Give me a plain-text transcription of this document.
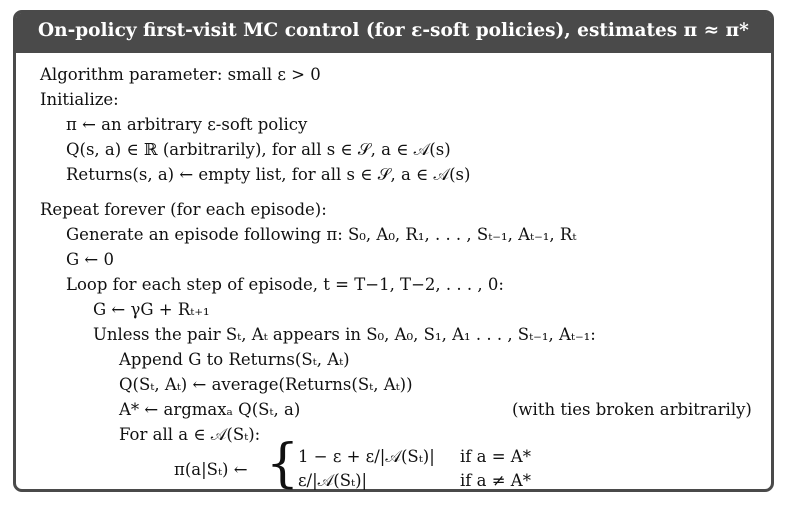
On-policy first-visit MC control (for ε-soft policies), estimates π ≈ π*
Algorithm parameter: small ε > 0
Initialize:
π ← an arbitrary ε-soft policy
Q(s, a) ∈ ℝ (arbitrarily), for all s ∈ 𝒮, a ∈ 𝒜(s)
Returns(s, a) ← empty list, for all s ∈ 𝒮, a ∈ 𝒜(s)
Repeat forever (for each episode):
Generate an episode following π: S₀, A₀, R₁, . . . , Sₜ₋₁, Aₜ₋₁, Rₜ
G ← 0
Loop for each step of episode, t = T−1, T−2, . . . , 0:
G ← γG + Rₜ₊₁
Unless the pair Sₜ, Aₜ appears in S₀, A₀, S₁, A₁ . . . , Sₜ₋₁, Aₜ₋₁:
Append G to Returns(Sₜ, Aₜ)
Q(Sₜ, Aₜ) ← average(Returns(Sₜ, Aₜ))
A* ← argmaxₐ Q(Sₜ, a)	(with ties broken arbitrarily)
For all a ∈ 𝒜(Sₜ):
π(a|Sₜ) ← {
1 − ε + ε/|𝒜(Sₜ)| if a = A*
ε/|𝒜(Sₜ)|	if a ≠ A*
